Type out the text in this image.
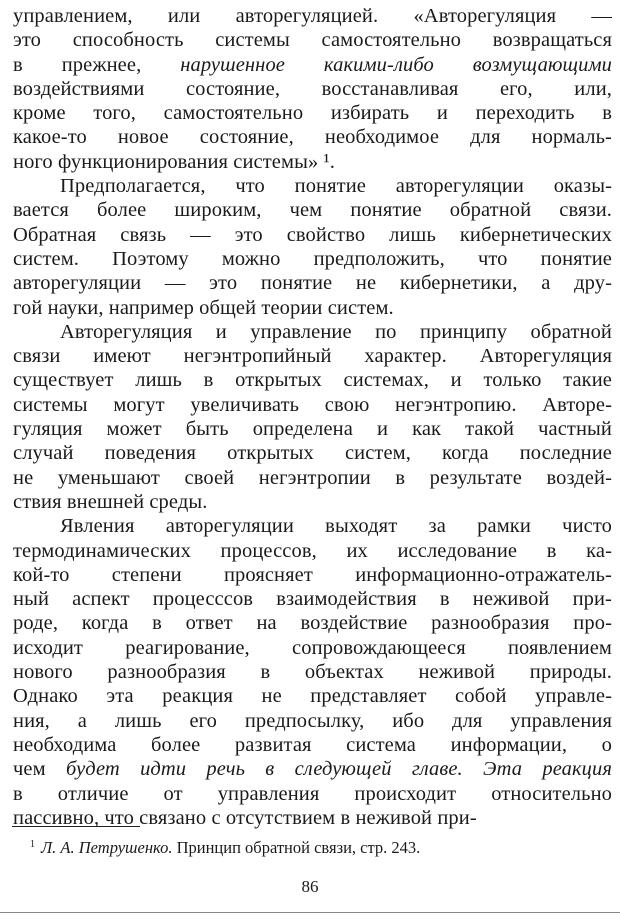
управлением, или авторегуляцией. «Авторегуляция —
это способность системы самостоятельно возвращаться
в прежнее, нарушенное какими-либо возмущающими
воздействиями состояние, восстанавливая его, или,
кроме того, самостоятельно избирать и переходить в
какое-то новое состояние, необходимое для нормаль-
ного функционирования системы» ¹.
Предполагается, что понятие авторегуляции оказы-
вается более широким, чем понятие обратной связи.
Обратная связь — это свойство лишь кибернетических
систем. Поэтому можно предположить, что понятие
авторегуляции — это понятие не кибернетики, а дру-
гой науки, например общей теории систем.
Авторегуляция и управление по принципу обратной
связи имеют негэнтропийный характер. Авторегуляция
существует лишь в открытых системах, и только такие
системы могут увеличивать свою негэнтропию. Авторе-
гуляция может быть определена и как такой частный
случай поведения открытых систем, когда последние
не уменьшают своей негэнтропии в результате воздей-
ствия внешней среды.
Явления авторегуляции выходят за рамки чисто
термодинамических процессов, их исследование в ка-
кой-то степени проясняет информационно-отражатель-
ный аспект процесcсов взаимодействия в неживой при-
роде, когда в ответ на воздействие разнообразия про-
исходит реагирование, сопровождающееся появлением
нового разнообразия в объектах неживой природы.
Однако эта реакция не представляет собой управле-
ния, а лишь его предпосылку, ибо для управления
необходима более развитая система информации, о
чем будет идти речь в следующей главе. Эта реакция
в отличие от управления происходит относительно
пассивно, что связано с отсутствием в неживой при-
$^1$ Л. А. Петрушенко. Принцип обратной связи, стр. 243.
86
